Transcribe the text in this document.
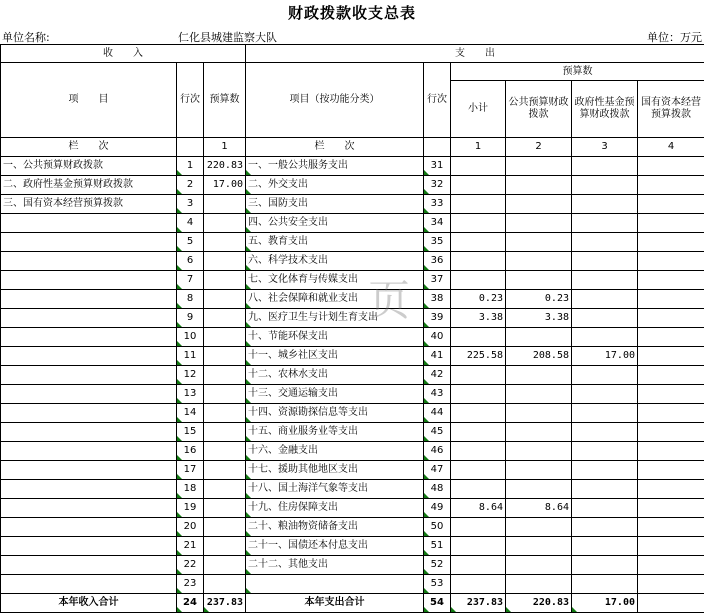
财政拨款收支总表
单位名称:	仁化县城建监察大队	单位：万元
收　　入			支　　出					
项　　目	行次	预算数	项目（按功能分类）	行次	预算数			
					小计	公共预算财政拨款	政府性基金预算财政拨款	国有资本经营预算拨款
栏　　次		1	栏　　次		1	2	3	4
一、公共预算财政拨款	1	220.83	一、一般公共服务支出	31				
二、政府性基金预算财政拨款	2	17.00	二、外交支出	32				
三、国有资本经营预算拨款	3		三、国防支出	33				
	4		四、公共安全支出	34				
	5		五、教育支出	35				
	6		六、科学技术支出	36				
	7		七、文化体育与传媒支出	37				
	8		八、社会保障和就业支出	38	0.23	0.23		
	9		九、医疗卫生与计划生育支出	39	3.38	3.38		
	10		十、节能环保支出	40				
	11		十一、城乡社区支出	41	225.58	208.58	17.00	
	12		十二、农林水支出	42				
	13		十三、交通运输支出	43				
	14		十四、资源勘探信息等支出	44				
	15		十五、商业服务业等支出	45				
	16		十六、金融支出	46				
	17		十七、援助其他地区支出	47				
	18		十八、国土海洋气象等支出	48				
	19		十九、住房保障支出	49	8.64	8.64		
	20		二十、粮油物资储备支出	50				
	21		二十一、国债还本付息支出	51				
	22		二十二、其他支出	52				
	23			53				
本年收入合计	24	237.83	本年支出合计	54	237.83	220.83	17.00	
页
